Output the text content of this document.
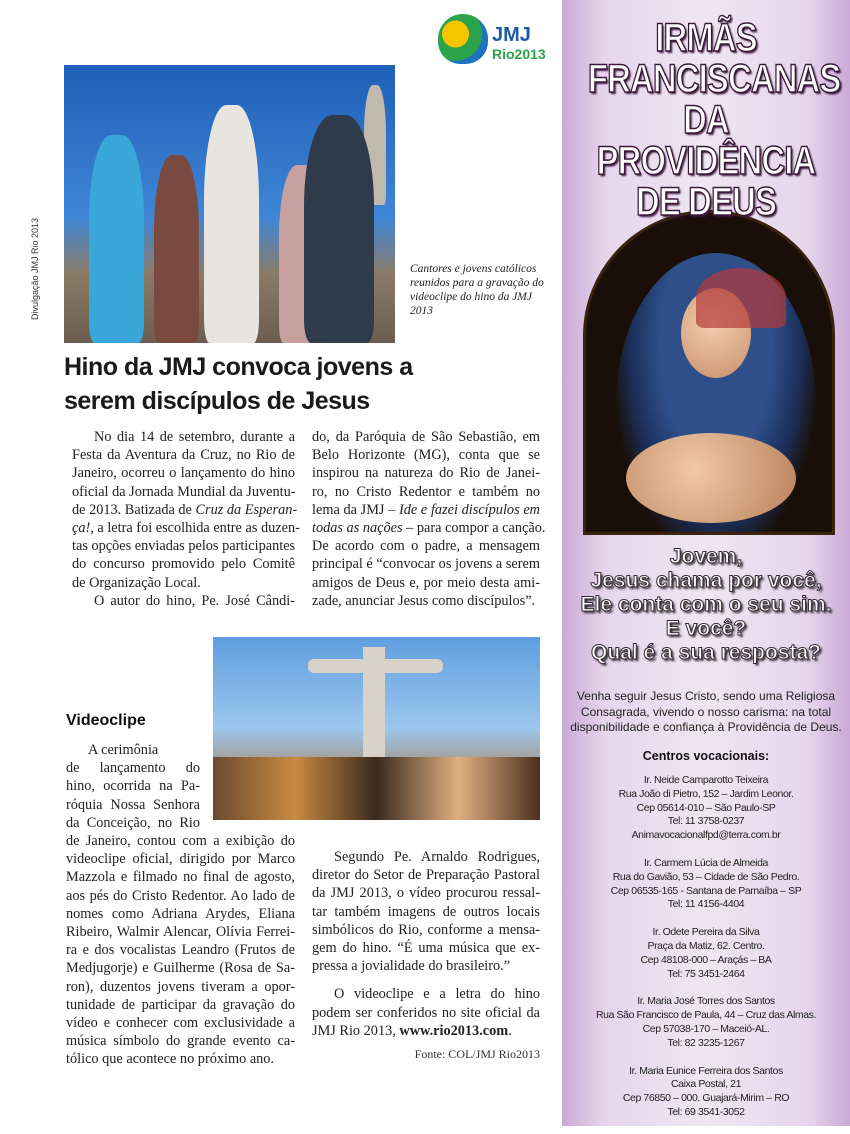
JMJ
Rio2013
Divulgação JMJ Rio 2013	Cantores e jovens católicos reunidos para a gravação do videoclipe do hino da JMJ 2013
Hino da JMJ convoca jovens a
serem discípulos de Jesus
No dia 14 de setembro, durante a
Festa da Aventura da Cruz, no Rio de
Janeiro, ocorreu o lançamento do hino
oficial da Jornada Mundial da Juventu-
de 2013. Batizada de Cruz da Esperan-
ça!, a letra foi escolhida entre as duzen-
tas opções enviadas pelos participantes
do concurso promovido pelo Comitê
de Organização Local.
O autor do hino, Pe. José Cândi-
do, da Paróquia de São Sebastião, em
Belo Horizonte (MG), conta que se
inspirou na natureza do Rio de Janei-
ro, no Cristo Redentor e também no
lema da JMJ – Ide e fazei discípulos em
todas as nações – para compor a canção.
De acordo com o padre, a mensagem
principal é “convocar os jovens a serem
amigos de Deus e, por meio desta ami-
zade, anunciar Jesus como discípulos”.
Videoclipe
A cerimônia
de lançamento do
hino, ocorrida na Pa-
róquia Nossa Senhora
da Conceição, no Rio
de Janeiro, contou com a exibição do
videoclipe oficial, dirigido por Marco
Mazzola e filmado no final de agosto,
aos pés do Cristo Redentor. Ao lado de
nomes como Adriana Arydes, Eliana
Ribeiro, Walmir Alencar, Olívia Ferrei-
ra e dos vocalistas Leandro (Frutos de
Medjugorje) e Guilherme (Rosa de Sa-
ron), duzentos jovens tiveram a opor-
tunidade de participar da gravação do
vídeo e conhecer com exclusividade a
música símbolo do grande evento ca-
tólico que acontece no próximo ano.
Segundo Pe. Arnaldo Rodrigues,
diretor do Setor de Preparação Pastoral
da JMJ 2013, o vídeo procurou ressal-
tar também imagens de outros locais
simbólicos do Rio, conforme a mensa-
gem do hino. “É uma música que ex-
pressa a jovialidade do brasileiro.”
O videoclipe e a letra do hino
podem ser conferidos no site oficial da
JMJ Rio 2013, www.rio2013.com.
Fonte: COL/JMJ Rio2013
IRMÃS
FRANCISCANAS
DA PROVIDÊNCIA
DE DEUS
Jovem,
Jesus chama por você,
Ele conta com o seu sim.
E você?
Qual é a sua resposta?
Venha seguir Jesus Cristo, sendo uma Religiosa
Consagrada, vivendo o nosso carisma: na total
disponibilidade e confiança à Providência de Deus.
Centros vocacionais:
Ir. Neide Camparotto Teixeira
Rua João di Pietro, 152 – Jardim Leonor.
Cep 05614-010 – São Paulo-SP
Tel: 11 3758-0237
Animavocacionalfpd@terra.com.br
Ir. Carmem Lúcia de Almeida
Rua do Gavião, 53 – Cidade de São Pedro.
Cep 06535-165 - Santana de Parnaíba – SP
Tel: 11 4156-4404
Ir. Odete Pereira da Silva
Praça da Matiz, 62. Centro.
Cep 48108-000 – Araçás – BA
Tel: 75 3451-2464
Ir. Maria José Torres dos Santos
Rua São Francisco de Paula, 44 – Cruz das Almas.
Cep 57038-170 – Maceió-AL.
Tel: 82 3235-1267
Ir. Maria Eunice Ferreira dos Santos
Caixa Postal, 21
Cep 76850 – 000. Guajará-Mirim – RO
Tel: 69 3541-3052
